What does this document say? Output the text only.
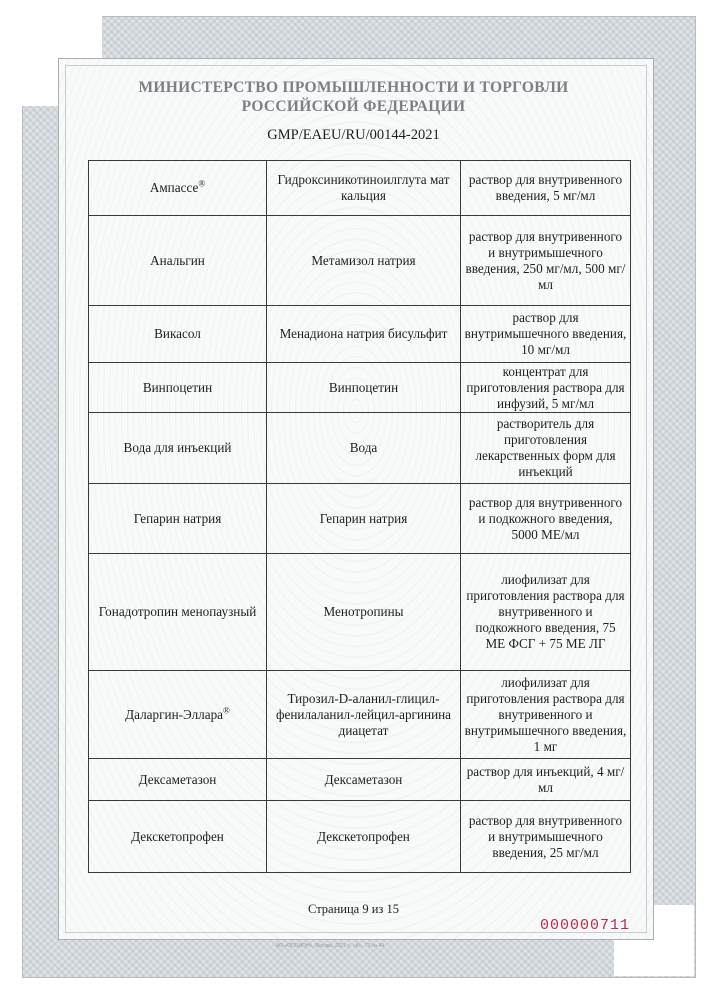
МИНИСТЕРСТВО ПРОМЫШЛЕННОСТИ И ТОРГОВЛИ
РОССИЙСКОЙ ФЕДЕРАЦИИ
GMP/EAEU/RU/00144-2021
Ампассе®	Гидроксиникотиноилглута мат кальция	раствор для внутривенного введения, 5 мг/мл
Анальгин	Метамизол натрия	раствор для внутривенного и внутримышечного введения, 250 мг/мл, 500 мг/мл
Викасол	Менадиона натрия бисульфит	раствор для внутримышечного введения, 10 мг/мл
Винпоцетин	Винпоцетин	концентрат для приготовления раствора для инфузий, 5 мг/мл
Вода для инъекций	Вода	растворитель для приготовления лекарственных форм для инъекций
Гепарин натрия	Гепарин натрия	раствор для внутривенного и подкожного введения, 5000 МЕ/мл
Гонадотропин менопаузный	Менотропины	лиофилизат для приготовления раствора для внутривенного и подкожного введения, 75 МЕ ФСГ + 75 МЕ ЛГ
Даларгин-Эллара®	Тирозил-D-аланил-глицил-фенилаланил-лейцил-аргинина диацетат	лиофилизат для приготовления раствора для внутривенного и внутримышечного введения, 1 мг
Дексаметазон	Дексаметазон	раствор для инъекций, 4 мг/мл
Декскетопрофен	Декскетопрофен	раствор для внутривенного и внутримышечного введения, 25 мг/мл
Страница 9 из 15
000000711
АО «ОПЦИОН», Москва, 2021 г., «Б», ТЗ № 44.
